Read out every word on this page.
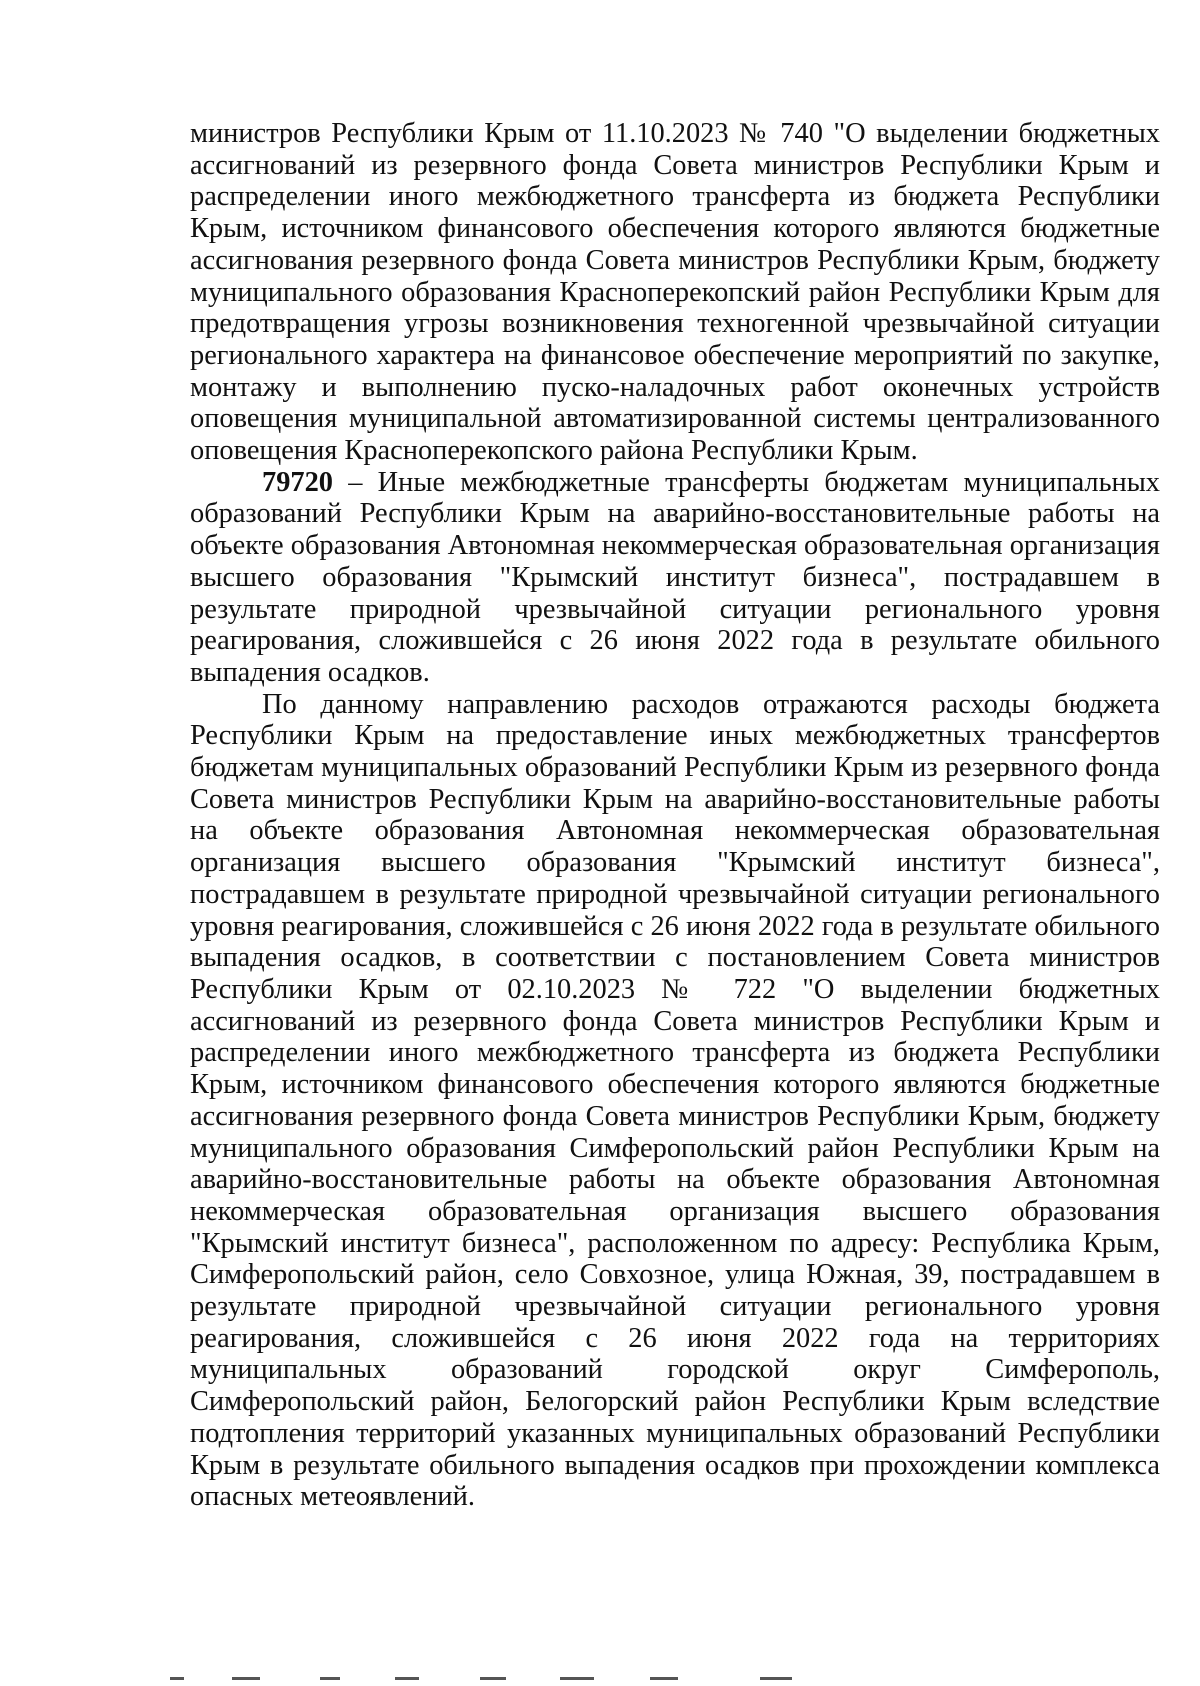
министров Республики Крым от 11.10.2023 № 740 "О выделении бюджетных ассигнований из резервного фонда Совета министров Республики Крым и распределении иного межбюджетного трансферта из бюджета Республики Крым, источником финансового обеспечения которого являются бюджетные ассигнования резервного фонда Совета министров Республики Крым, бюджету муниципального образования Красноперекопский район Республики Крым для предотвращения угрозы возникновения техногенной чрезвычайной ситуации регионального характера на финансовое обеспечение мероприятий по закупке, монтажу и выполнению пуско-наладочных работ оконечных устройств оповещения муниципальной автоматизированной системы централизованного оповещения Красноперекопского района Республики Крым.

79720 – Иные межбюджетные трансферты бюджетам муниципальных образований Республики Крым на аварийно-восстановительные работы на объекте образования Автономная некоммерческая образовательная организация высшего образования "Крымский институт бизнеса", пострадавшем в результате природной чрезвычайной ситуации регионального уровня реагирования, сложившейся с 26 июня 2022 года в результате обильного выпадения осадков.

По данному направлению расходов отражаются расходы бюджета Республики Крым на предоставление иных межбюджетных трансфертов бюджетам муниципальных образований Республики Крым из резервного фонда Совета министров Республики Крым на аварийно-восстановительные работы на объекте образования Автономная некоммерческая образовательная организация высшего образования "Крымский институт бизнеса", пострадавшем в результате природной чрезвычайной ситуации регионального уровня реагирования, сложившейся с 26 июня 2022 года в результате обильного выпадения осадков, в соответствии с постановлением Совета министров Республики Крым от 02.10.2023 № 722 "О выделении бюджетных ассигнований из резервного фонда Совета министров Республики Крым и распределении иного межбюджетного трансферта из бюджета Республики Крым, источником финансового обеспечения которого являются бюджетные ассигнования резервного фонда Совета министров Республики Крым, бюджету муниципального образования Симферопольский район Республики Крым на аварийно-восстановительные работы на объекте образования Автономная некоммерческая образовательная организация высшего образования "Крымский институт бизнеса", расположенном по адресу: Республика Крым, Симферопольский район, село Совхозное, улица Южная, 39, пострадавшем в результате природной чрезвычайной ситуации регионального уровня реагирования, сложившейся с 26 июня 2022 года на территориях муниципальных образований городской округ Симферополь, Симферопольский район, Белогорский район Республики Крым вследствие подтопления территорий указанных муниципальных образований Республики Крым в результате обильного выпадения осадков при прохождении комплекса опасных метеоявлений.
